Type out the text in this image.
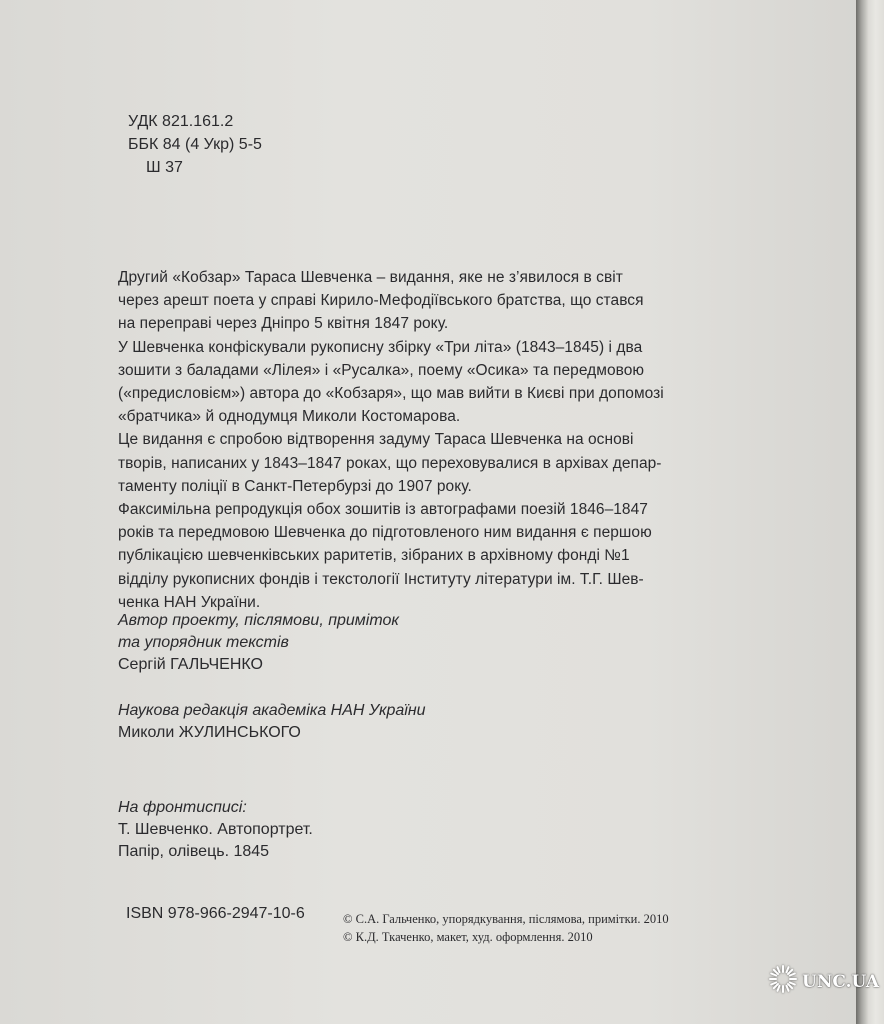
УДК 821.161.2
ББК 84 (4 Укр) 5-5
Ш 37
Другий «Кобзар» Тараса Шевченка – видання, яке не з’явилося в світ
через арешт поета у справі Кирило-Мефодіївського братства, що стався
на переправі через Дніпро 5 квітня 1847 року.
У Шевченка конфіскували рукописну збірку «Три літа» (1843–1845) і два
зошити з баладами «Лілея» і «Русалка», поему «Осика» та передмовою
(«предисловієм») автора до «Кобзаря», що мав вийти в Києві при допомозі
«братчика» й однодумця Миколи Костомарова.
Це видання є спробою відтворення задуму Тараса Шевченка на основі
творів, написаних у 1843–1847 роках, що переховувалися в архівах депар-
таменту поліції в Санкт-Петербурзі до 1907 року.
Факсимільна репродукція обох зошитів із автографами поезій 1846–1847
років та передмовою Шевченка до підготовленого ним видання є першою
публікацією шевченківських раритетів, зібраних в архівному фонді №1
відділу рукописних фондів і текстології Інституту літератури ім. Т.Г. Шев-
ченка НАН України.
Автор проекту, післямови, приміток
та упорядник текстів
Сергій ГАЛЬЧЕНКО
Наукова редакція академіка НАН України
Миколи ЖУЛИНСЬКОГО
На фронтисписі:
Т. Шевченко. Автопортрет.
Папір, олівець. 1845
ISBN 978-966-2947-10-6	© С.А. Гальченко, упорядкування, післямова, примітки. 2010
© К.Д. Ткаченко, макет, худ. оформлення. 2010
UNC.UA
